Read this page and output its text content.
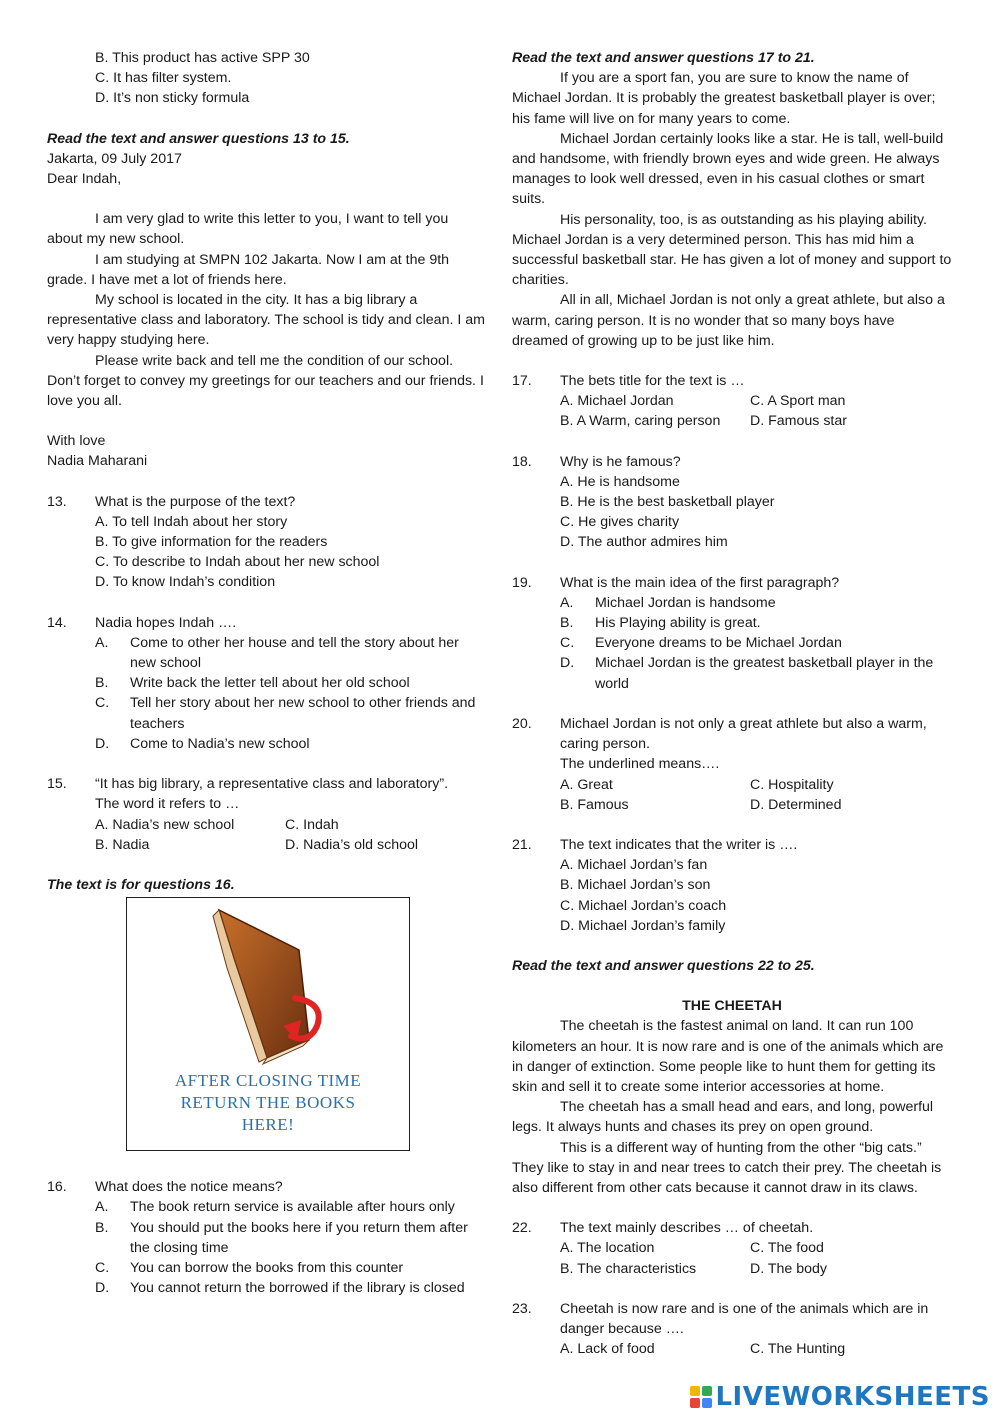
B. This product has active SPP 30

C. It has filter system.

D. It’s non sticky formula

Read the text and answer questions 13 to 15.

Jakarta, 09 July 2017

Dear Indah,

I am very glad to write this letter to you, I want to tell you about my new school.

I am studying at SMPN 102 Jakarta. Now I am at the 9th grade. I have met a lot of friends here.

My school is located in the city. It has a big library a representative class and laboratory. The school is tidy and clean. I am very happy studying here.

Please write back and tell me the condition of our school. Don’t forget to convey my greetings for our teachers and our friends. I love you all.

With love

Nadia Maharani

13. What is the purpose of the text?
A. To tell Indah about her story
B. To give information for the readers
C. To describe to Indah about her new school
D. To know Indah’s condition
14. Nadia hopes Indah ….
A. Come to other her house and tell the story about her new school
B. Write back the letter tell about her old school
C. Tell her story about her new school to other friends and teachers
D. Come to Nadia’s new school
15. “It has big library, a representative class and laboratory”.
The word it refers to …
A. Nadia’s new school	C. Indah
B. Nadia	D. Nadia’s old school

The text is for questions 16.

AFTER CLOSING TIME
RETURN THE BOOKS
HERE!
16. What does the notice means?
A. The book return service is available after hours only
B. You should put the books here if you return them after the closing time
C. You can borrow the books from this counter
D. You cannot return the borrowed if the library is closed

Read the text and answer questions 17 to 21.

If you are a sport fan, you are sure to know the name of Michael Jordan. It is probably the greatest basketball player is over; his fame will live on for many years to come.

Michael Jordan certainly looks like a star. He is tall, well-build and handsome, with friendly brown eyes and wide green. He always manages to look well dressed, even in his casual clothes or smart suits.

His personality, too, is as outstanding as his playing ability. Michael Jordan is a very determined person. This has mid him a successful basketball star. He has given a lot of money and support to charities.

All in all, Michael Jordan is not only a great athlete, but also a warm, caring person. It is no wonder that so many boys have dreamed of growing up to be just like him.

17. The bets title for the text is …
A. Michael Jordan	C. A Sport man
B. A Warm, caring person	D. Famous star
18. Why is he famous?
A. He is handsome
B. He is the best basketball player
C. He gives charity
D. The author admires him
19. What is the main idea of the first paragraph?
A. Michael Jordan is handsome
B. His Playing ability is great.
C. Everyone dreams to be Michael Jordan
D. Michael Jordan is the greatest basketball player in the world
20. Michael Jordan is not only a great athlete but also a warm, caring person.
The underlined means….
A. Great	C. Hospitality
B. Famous	D. Determined
21. The text indicates that the writer is ….
A. Michael Jordan’s fan
B. Michael Jordan’s son
C. Michael Jordan’s coach
D. Michael Jordan’s family

Read the text and answer questions 22 to 25.

THE CHEETAH

The cheetah is the fastest animal on land. It can run 100 kilometers an hour. It is now rare and is one of the animals which are in danger of extinction. Some people like to hunt them for getting its skin and sell it to create some interior accessories at home.

The cheetah has a small head and ears, and long, powerful legs. It always hunts and chases its prey on open ground.

This is a different way of hunting from the other “big cats.” They like to stay in and near trees to catch their prey. The cheetah is also different from other cats because it cannot draw in its claws.

22. The text mainly describes … of cheetah.
A. The location	C. The food
B. The characteristics	D. The body
23. Cheetah is now rare and is one of the animals which are in danger because ….
A. Lack of food	C. The Hunting
LIVEWORKSHEETS
